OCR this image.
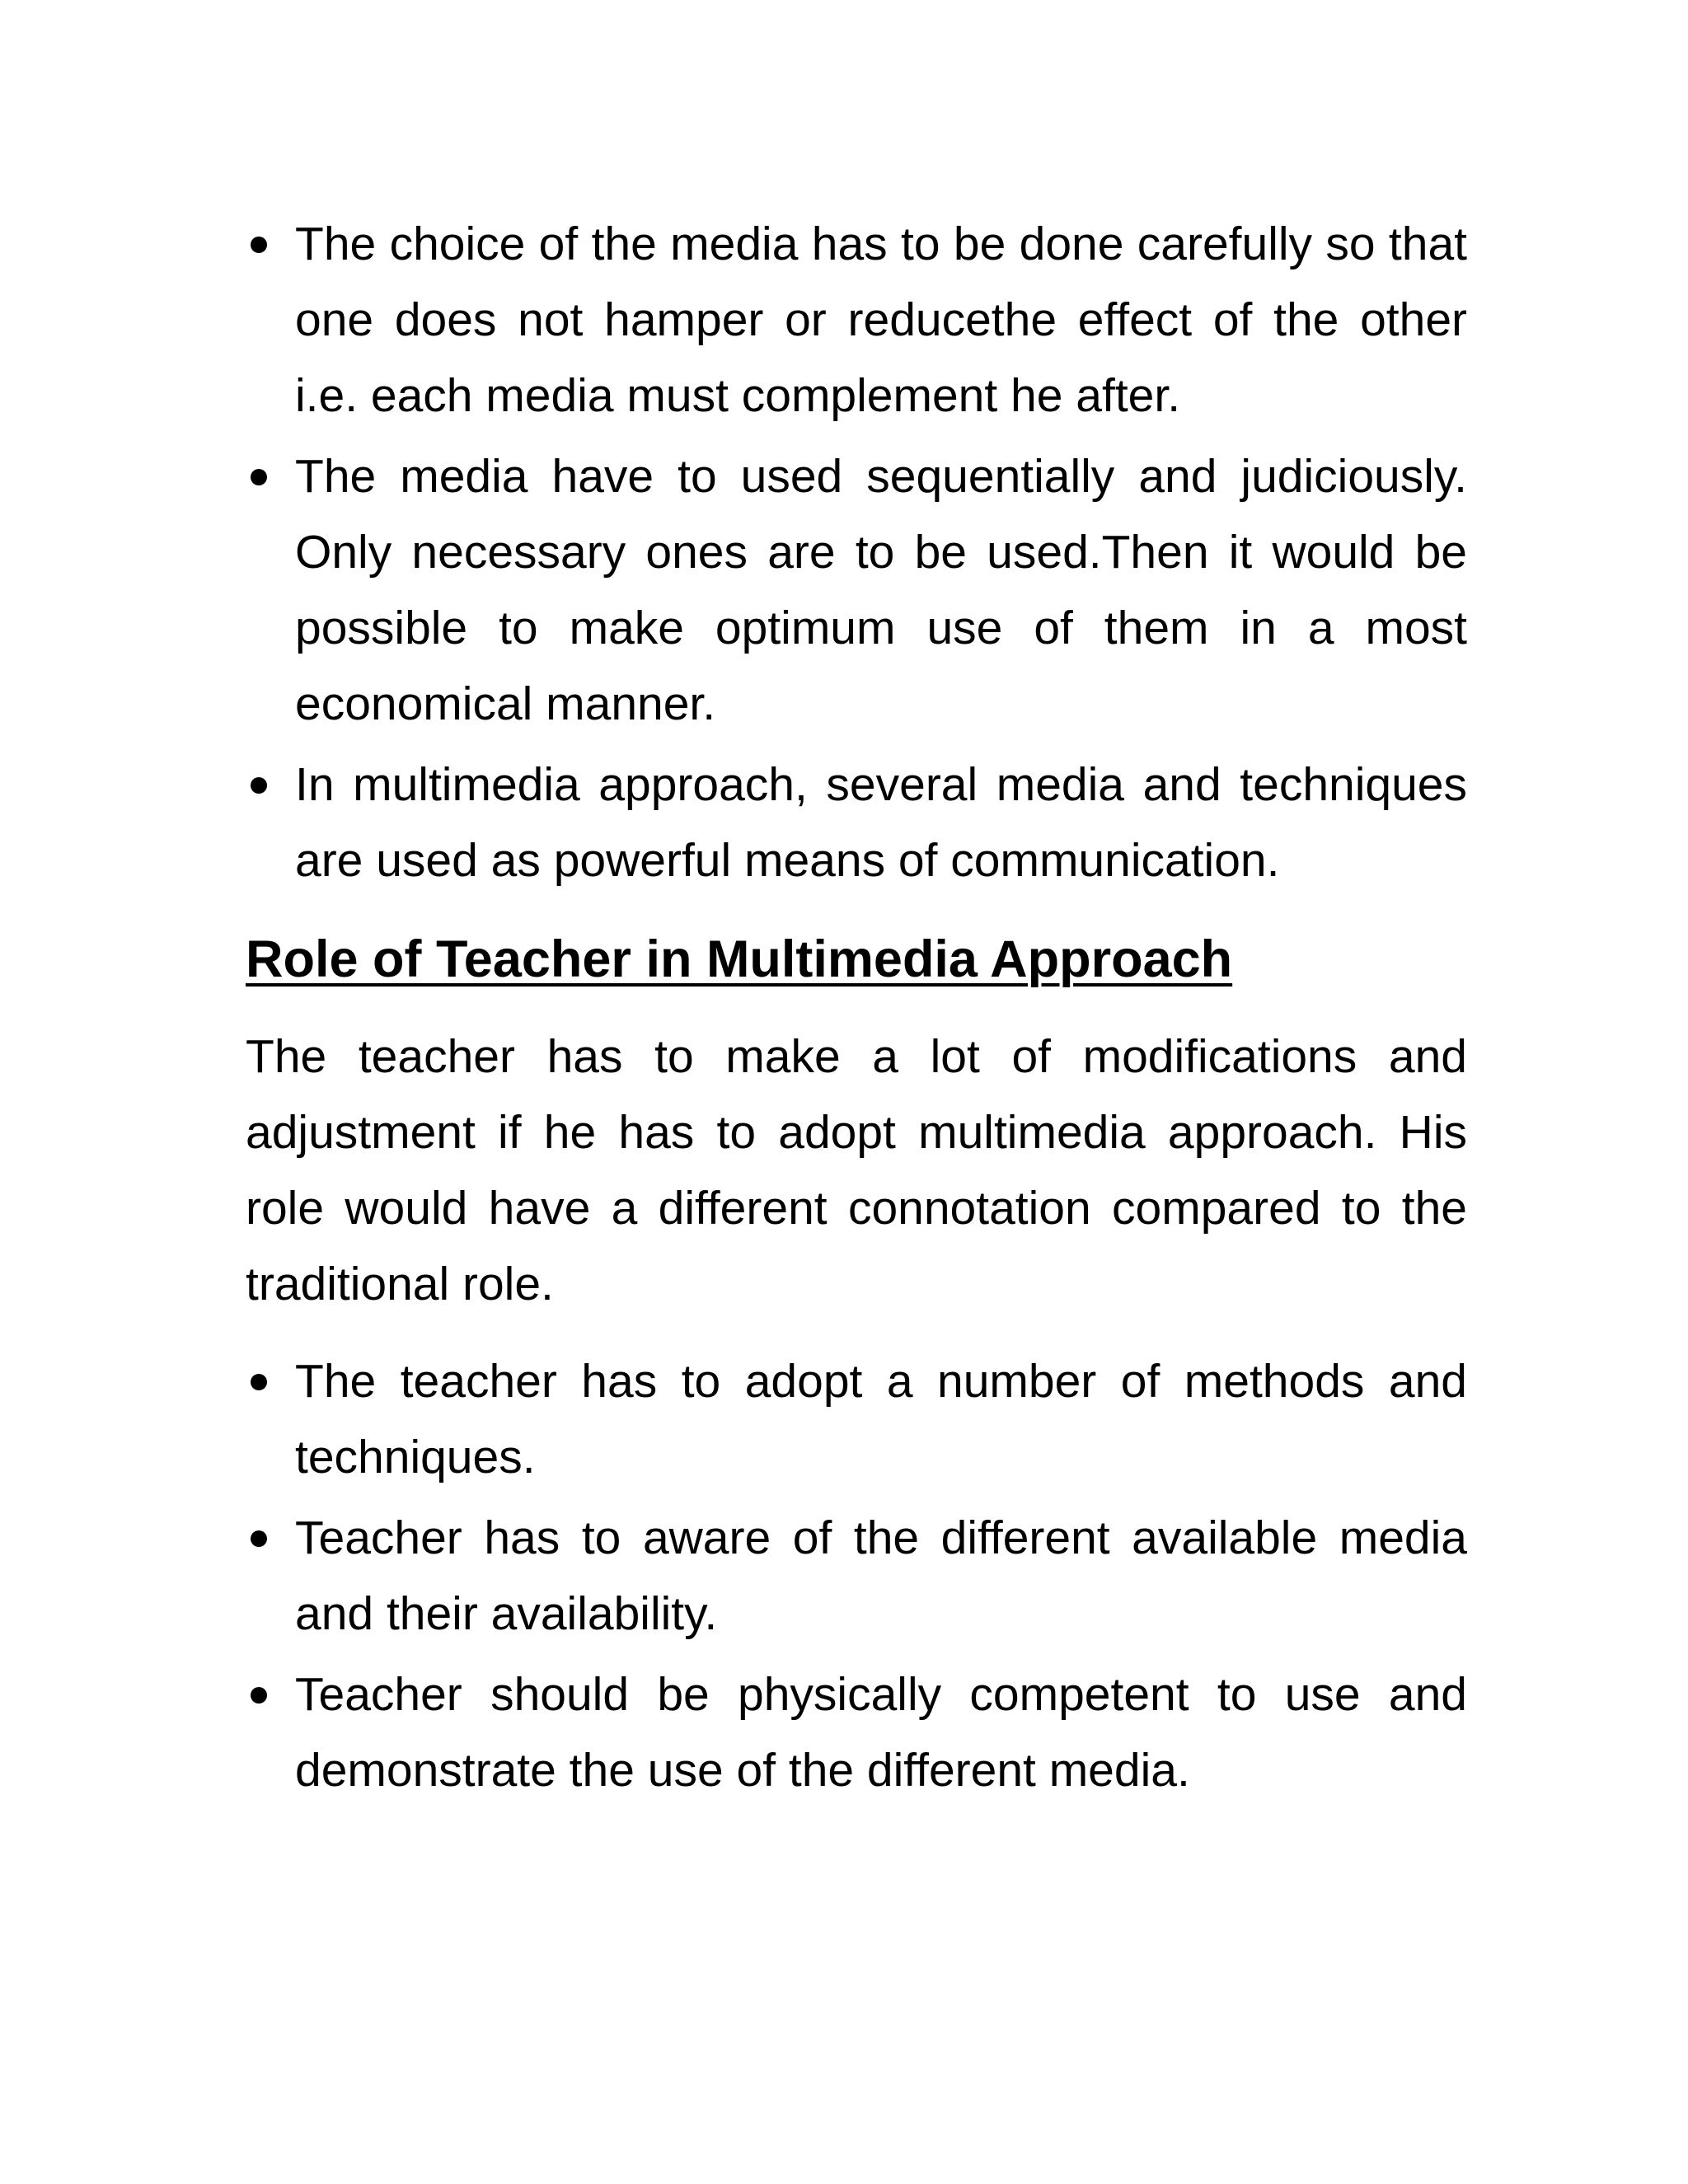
The choice of the media has to be done carefully so that one does not hamper or reducethe effect of the other i.e. each media must complement he after.
The media have to used sequentially and judiciously. Only necessary ones are to be used.Then it would be possible to make optimum use of them in a most economical manner.
In multimedia approach, several media and techniques are used as powerful means of communication.
Role of Teacher in Multimedia Approach

The teacher has to make a lot of modifications and adjustment if he has to adopt multimedia approach. His role would have a different connotation compared to the traditional role.

The teacher has to adopt a number of methods and techniques.
Teacher has to aware of the different available media and their availability.
Teacher should be physically competent to use and demonstrate the use of the different media.
